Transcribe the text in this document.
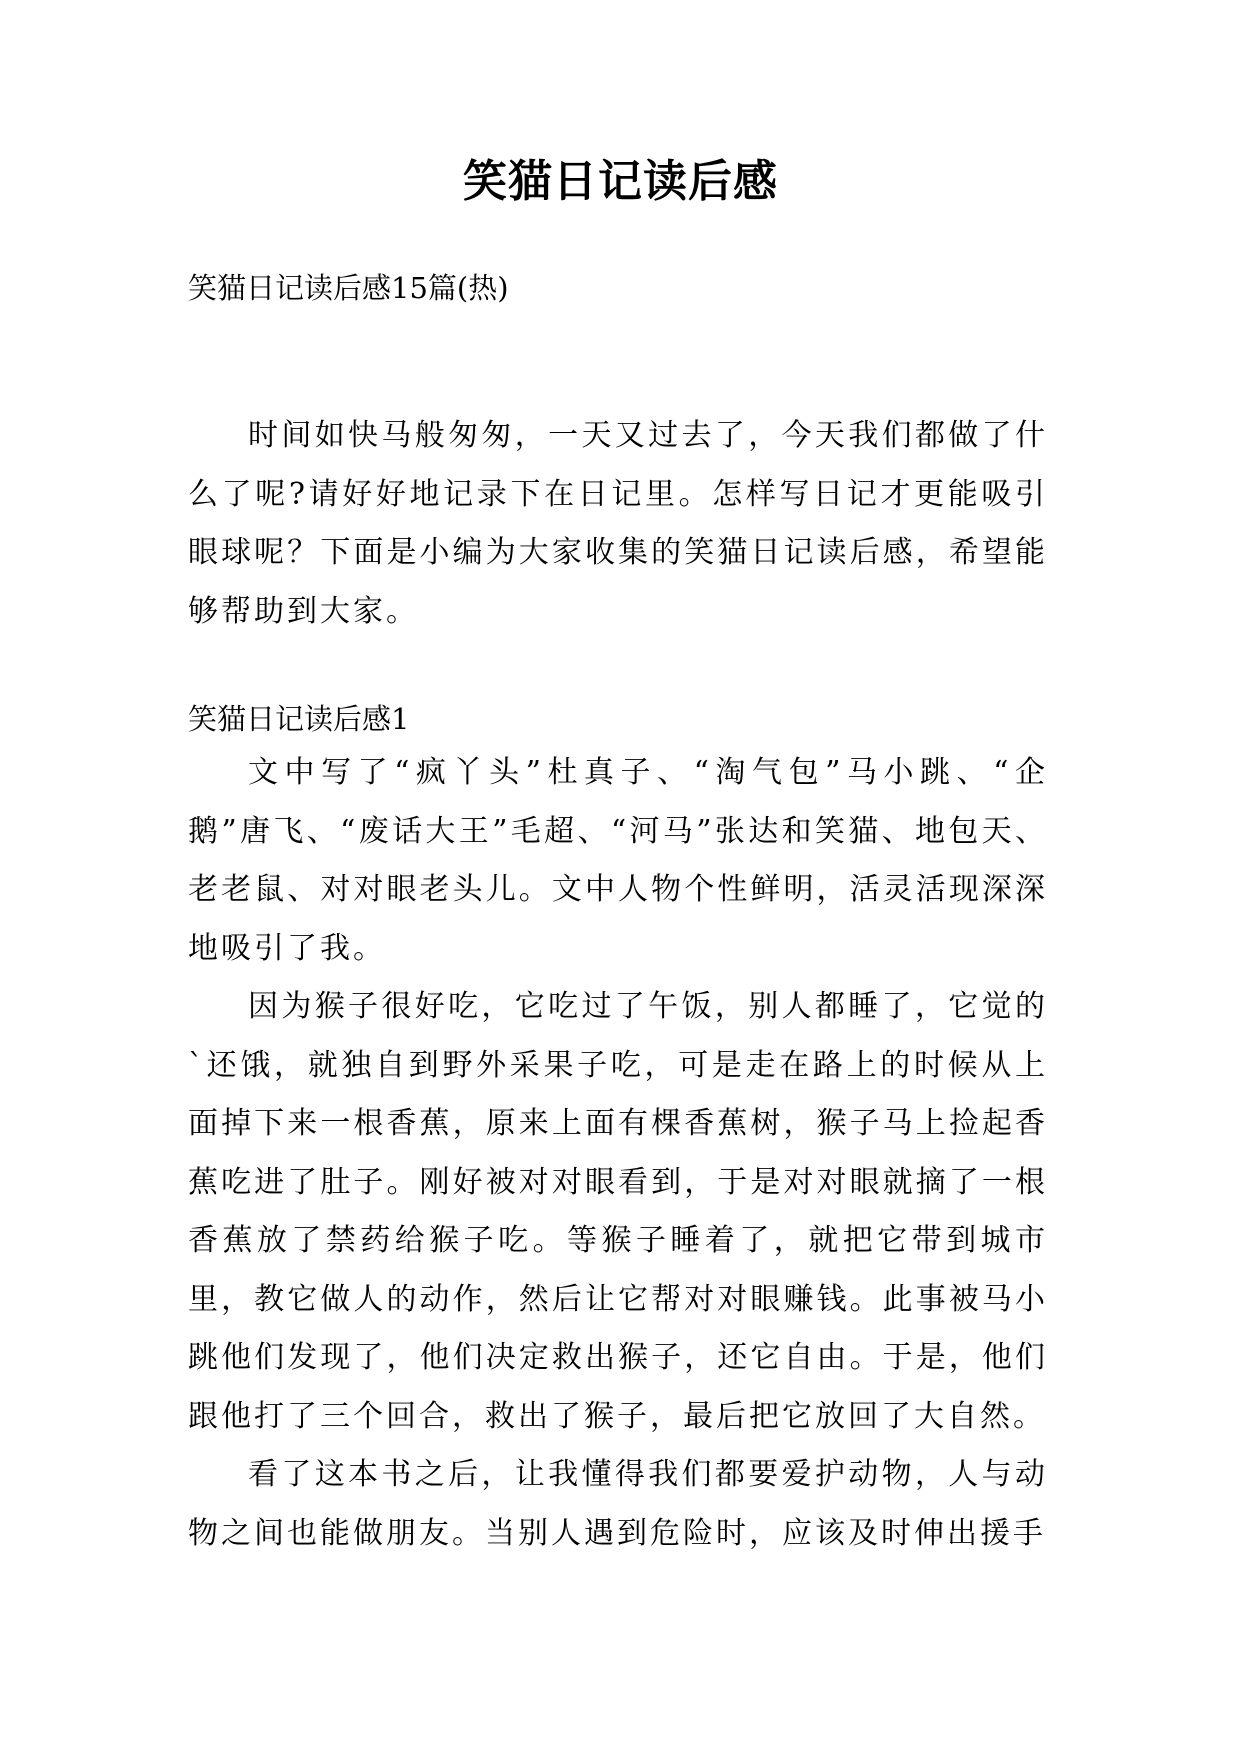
笑猫日记读后感
笑猫日记读后感15篇(热)

时间如快马般匆匆，一天又过去了，今天我们都做了什么了呢?请好好地记录下在日记里。怎样写日记才更能吸引眼球呢？下面是小编为大家收集的笑猫日记读后感，希望能够帮助到大家。

笑猫日记读后感1

文中写了“疯丫头”杜真子、“淘气包”马小跳、“企鹅”唐飞、“废话大王”毛超、“河马”张达和笑猫、地包天、老老鼠、对对眼老头儿。文中人物个性鲜明，活灵活现深深地吸引了我。

因为猴子很好吃，它吃过了午饭，别人都睡了，它觉的`还饿，就独自到野外采果子吃，可是走在路上的时候从上面掉下来一根香蕉，原来上面有棵香蕉树，猴子马上捡起香蕉吃进了肚子。刚好被对对眼看到，于是对对眼就摘了一根香蕉放了禁药给猴子吃。等猴子睡着了，就把它带到城市里，教它做人的动作，然后让它帮对对眼赚钱。此事被马小跳他们发现了，他们决定救出猴子，还它自由。于是，他们跟他打了三个回合，救出了猴子，最后把它放回了大自然。

看了这本书之后，让我懂得我们都要爱护动物，人与动物之间也能做朋友。当别人遇到危险时，应该及时伸出援手
